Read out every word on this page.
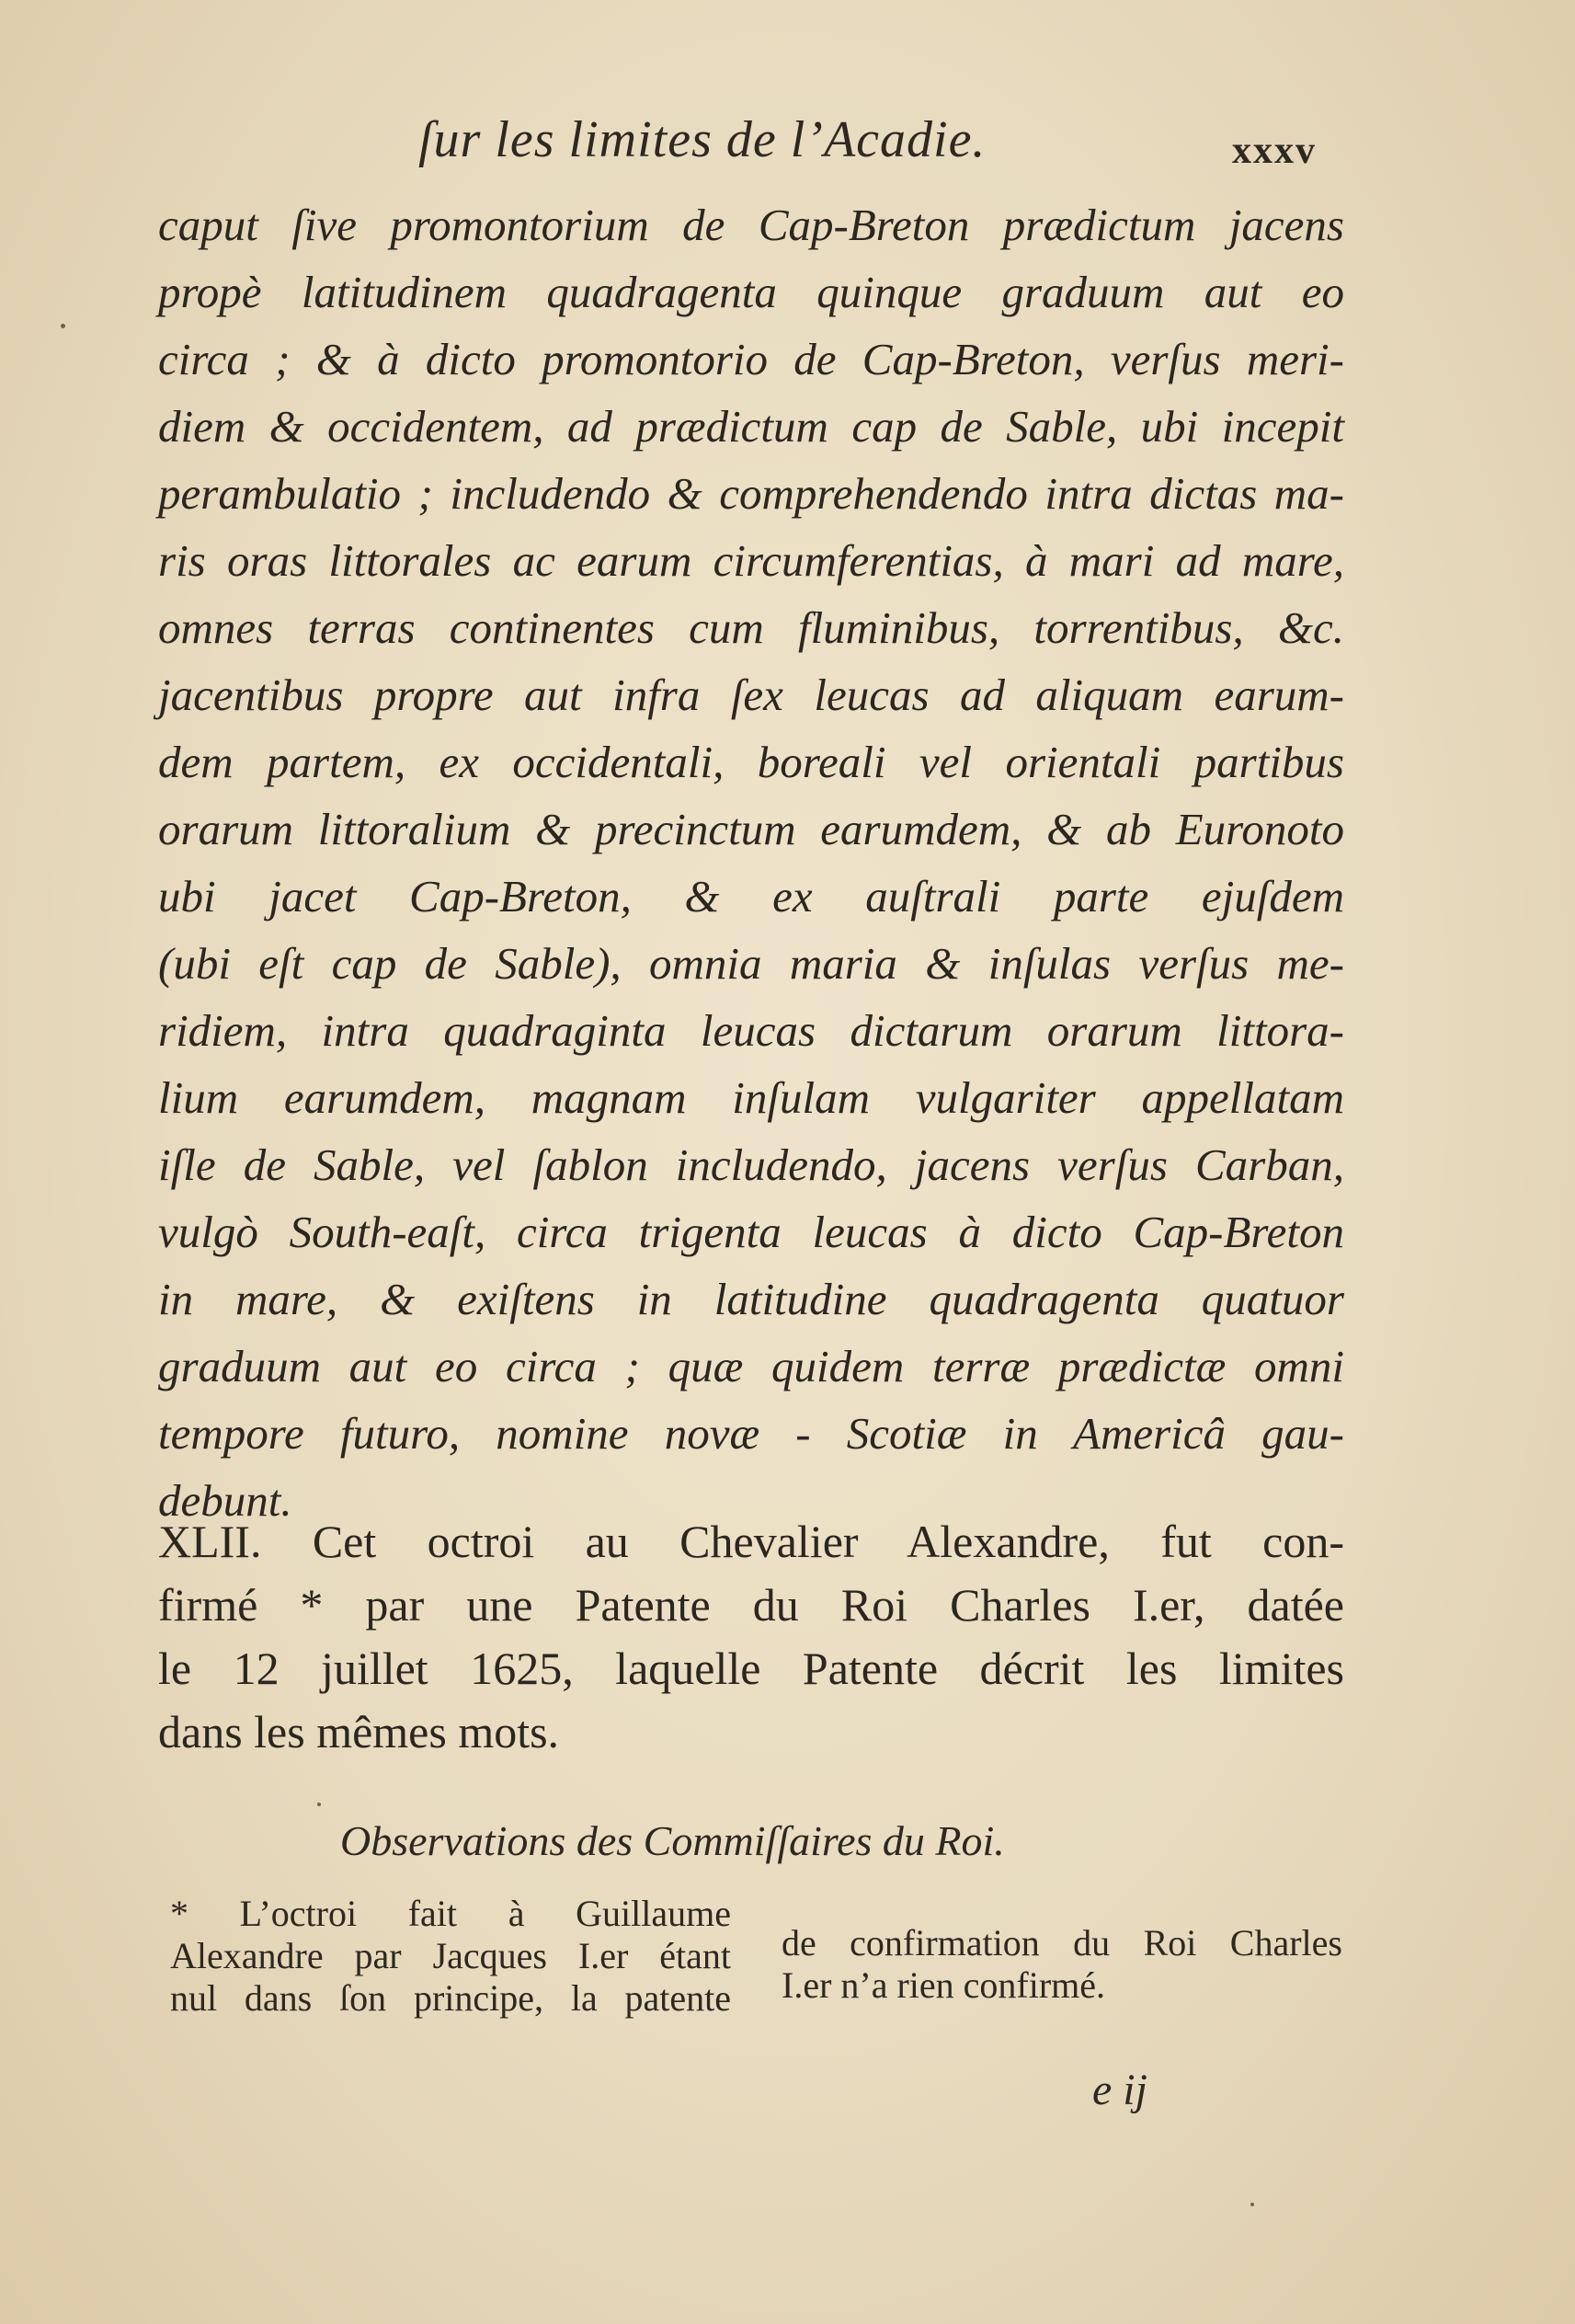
ſur les limites de l’Acadie.	xxxv
caput ſive promontorium de Cap-Breton prædictum jacens
propè latitudinem quadragenta quinque graduum aut eo
circa ; & à dicto promontorio de Cap-Breton, verſus meri-
diem & occidentem, ad prædictum cap de Sable, ubi incepit
perambulatio ; includendo & comprehendendo intra dictas ma-
ris oras littorales ac earum circumferentias, à mari ad mare,
omnes terras continentes cum fluminibus, torrentibus, &c.
jacentibus propre aut infra ſex leucas ad aliquam earum-
dem partem, ex occidentali, boreali vel orientali partibus
orarum littoralium & precinctum earumdem, & ab Euronoto
ubi jacet Cap-Breton, & ex auſtrali parte ejuſdem
(ubi eſt cap de Sable), omnia maria & inſulas verſus me-
ridiem, intra quadraginta leucas dictarum orarum littora-
lium earumdem, magnam inſulam vulgariter appellatam
iſle de Sable, vel ſablon includendo, jacens verſus Carban,
vulgò South-eaſt, circa trigenta leucas à dicto Cap-Breton
in mare, & exiſtens in latitudine quadragenta quatuor
graduum aut eo circa ; quæ quidem terræ prædictæ omni
tempore futuro, nomine novæ - Scotiæ in Americâ gau-
debunt.
XLII. Cet octroi au Chevalier Alexandre, fut con-
firmé * par une Patente du Roi Charles I.er, datée
le 12 juillet 1625, laquelle Patente décrit les limites
dans les mêmes mots.
Observations des Commiſſaires du Roi.
* L’octroi fait à Guillaume
Alexandre par Jacques I.er étant
nul dans ſon principe, la patente
de confirmation du Roi Charles
I.er n’a rien confirmé.
e ij
